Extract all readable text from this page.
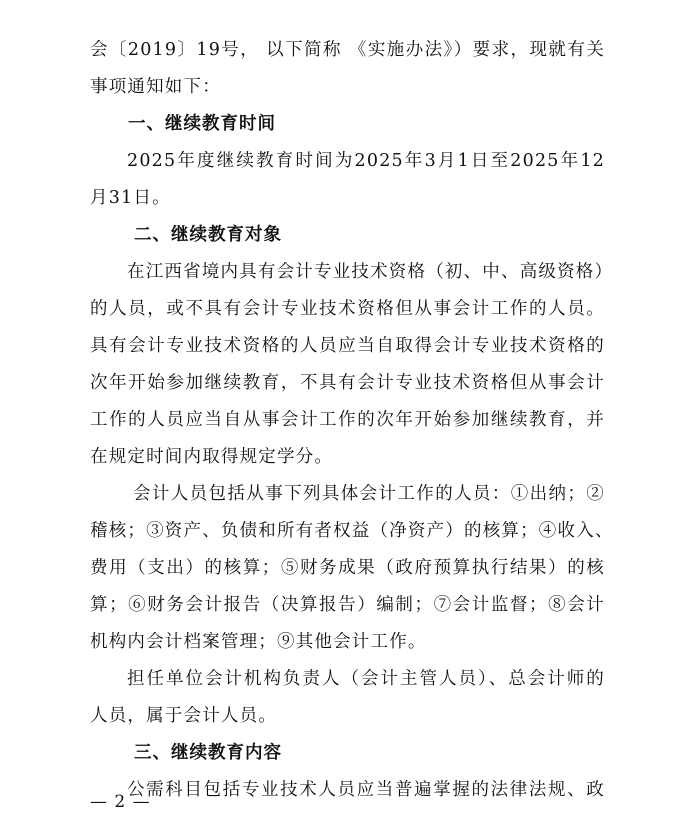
会〔2019〕19号， 以下简称 《实施办法》）要求，现就有关
事项通知如下：
一、继续教育时间
2025年度继续教育时间为2025年3月1日至2025年12
月31日。
二、继续教育对象
在江西省境内具有会计专业技术资格（初、中、高级资格）
的人员，或不具有会计专业技术资格但从事会计工作的人员。
具有会计专业技术资格的人员应当自取得会计专业技术资格的
次年开始参加继续教育，不具有会计专业技术资格但从事会计
工作的人员应当自从事会计工作的次年开始参加继续教育，并
在规定时间内取得规定学分。
会计人员包括从事下列具体会计工作的人员：①出纳；②
稽核；③资产、负债和所有者权益（净资产）的核算；④收入、
费用（支出）的核算；⑤财务成果（政府预算执行结果）的核
算；⑥财务会计报告（决算报告）编制；⑦会计监督；⑧会计
机构内会计档案管理；⑨其他会计工作。
担任单位会计机构负责人（会计主管人员）、总会计师的
人员，属于会计人员。
三、继续教育内容
公需科目包括专业技术人员应当普遍掌握的法律法规、政
— 2 —
